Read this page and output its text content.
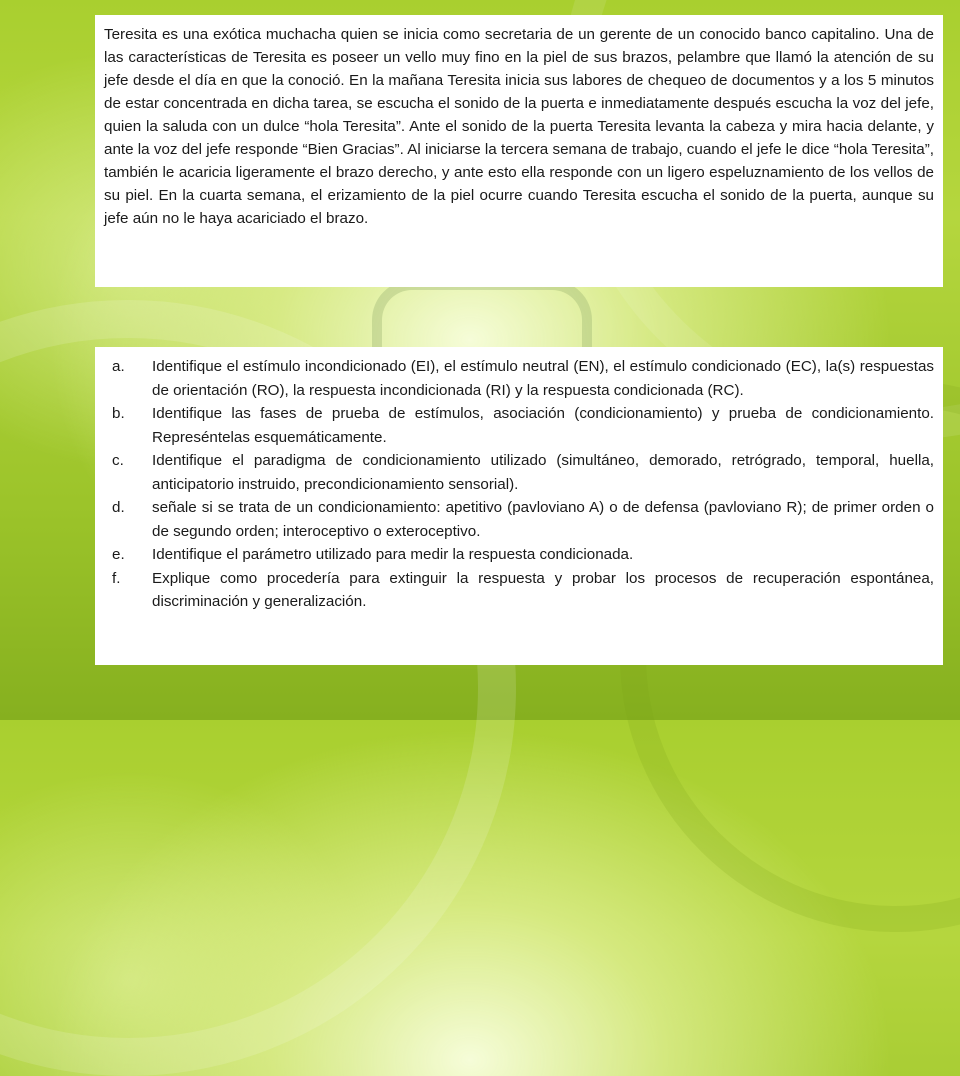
Teresita es una exótica muchacha quien se inicia como secretaria de un gerente de un conocido banco capitalino. Una de las características de Teresita es poseer un vello muy fino en la piel de sus brazos, pelambre que llamó la atención de su jefe desde el día en que la conoció. En la mañana Teresita inicia sus labores de chequeo de documentos y a los 5 minutos de estar concentrada en dicha tarea, se escucha el sonido de la puerta e inmediatamente después escucha la voz del jefe, quien la saluda con un dulce “hola Teresita”. Ante el sonido de la puerta Teresita levanta la cabeza y mira hacia delante, y ante la voz del jefe responde “Bien Gracias”. Al iniciarse la tercera semana de trabajo, cuando el jefe le dice “hola Teresita”, también le acaricia ligeramente el brazo derecho, y ante esto ella responde con un ligero espeluznamiento de los vellos de su piel. En la cuarta semana, el erizamiento de la piel ocurre cuando Teresita escucha el sonido de la puerta, aunque su jefe aún no le haya acariciado el brazo.
a.	Identifique el estímulo incondicionado (EI), el estímulo neutral (EN), el estímulo condicionado (EC), la(s) respuestas de orientación (RO), la respuesta incondicionada (RI) y la respuesta condicionada (RC).
b.	Identifique las fases de prueba de estímulos, asociación (condicionamiento) y prueba de condicionamiento. Represéntelas esquemáticamente.
c.	Identifique el paradigma de condicionamiento utilizado (simultáneo, demorado, retrógrado, temporal, huella, anticipatorio instruido, precondicionamiento sensorial).
d.	señale si se trata de un condicionamiento: apetitivo (pavloviano A) o de defensa (pavloviano R); de primer orden o de segundo orden; interoceptivo o exteroceptivo.
e.	Identifique el parámetro utilizado para medir la respuesta condicionada.
f.	Explique como procedería para extinguir la respuesta y probar los procesos de recuperación espontánea, discriminación y generalización.
